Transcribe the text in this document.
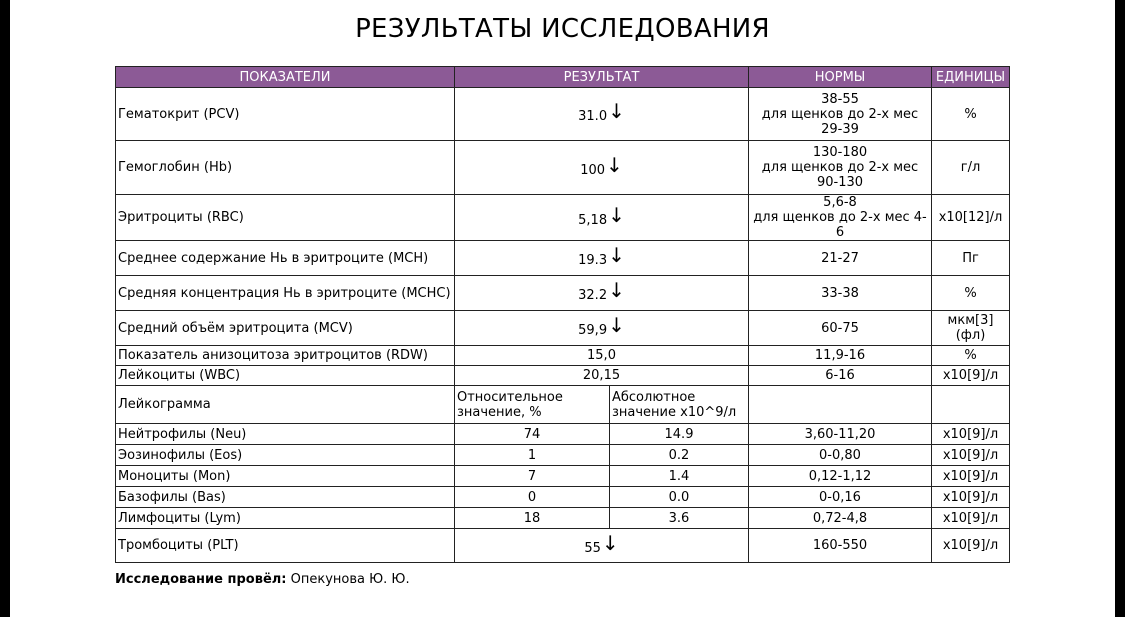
РЕЗУЛЬТАТЫ ИССЛЕДОВАНИЯ
ПОКАЗАТЕЛИ	РЕЗУЛЬТАТ		НОРМЫ	ЕДИНИЦЫ
Гематокрит (PCV)	31.0↓		38-55
для щенков до 2-х мес
29-39	%
Гемоглобин (Hb)	100↓		130-180
для щенков до 2-х мес
90-130	г/л
Эритроциты (RBC)	5,18↓		5,6-8
для щенков до 2-х мес 4-6	x10[12]/л
Среднее содержание Нь в эритроците (МСН)	19.3↓		21-27	Пг
Средняя концентрация Нь в эритроците (MCHC)	32.2↓		33-38	%
Средний объём эритроцита (MCV)	59,9↓		60-75	мкм[3](фл)
Показатель анизоцитоза эритроцитов (RDW)	15,0		11,9-16	%
Лейкоциты (WBC)	20,15		6-16	x10[9]/л
Лейкограмма	Относительное значение, %	Абсолютное значение x10^9/л		
Нейтрофилы (Neu)	74	14.9	3,60-11,20	x10[9]/л
Эозинофилы (Eos)	1	0.2	0-0,80	x10[9]/л
Моноциты (Mon)	7	1.4	0,12-1,12	x10[9]/л
Базофилы (Bas)	0	0.0	0-0,16	x10[9]/л
Лимфоциты (Lym)	18	3.6	0,72-4,8	x10[9]/л
Тромбоциты (PLT)	55↓		160-550	x10[9]/л
Исследование провёл: Опекунова Ю. Ю.
